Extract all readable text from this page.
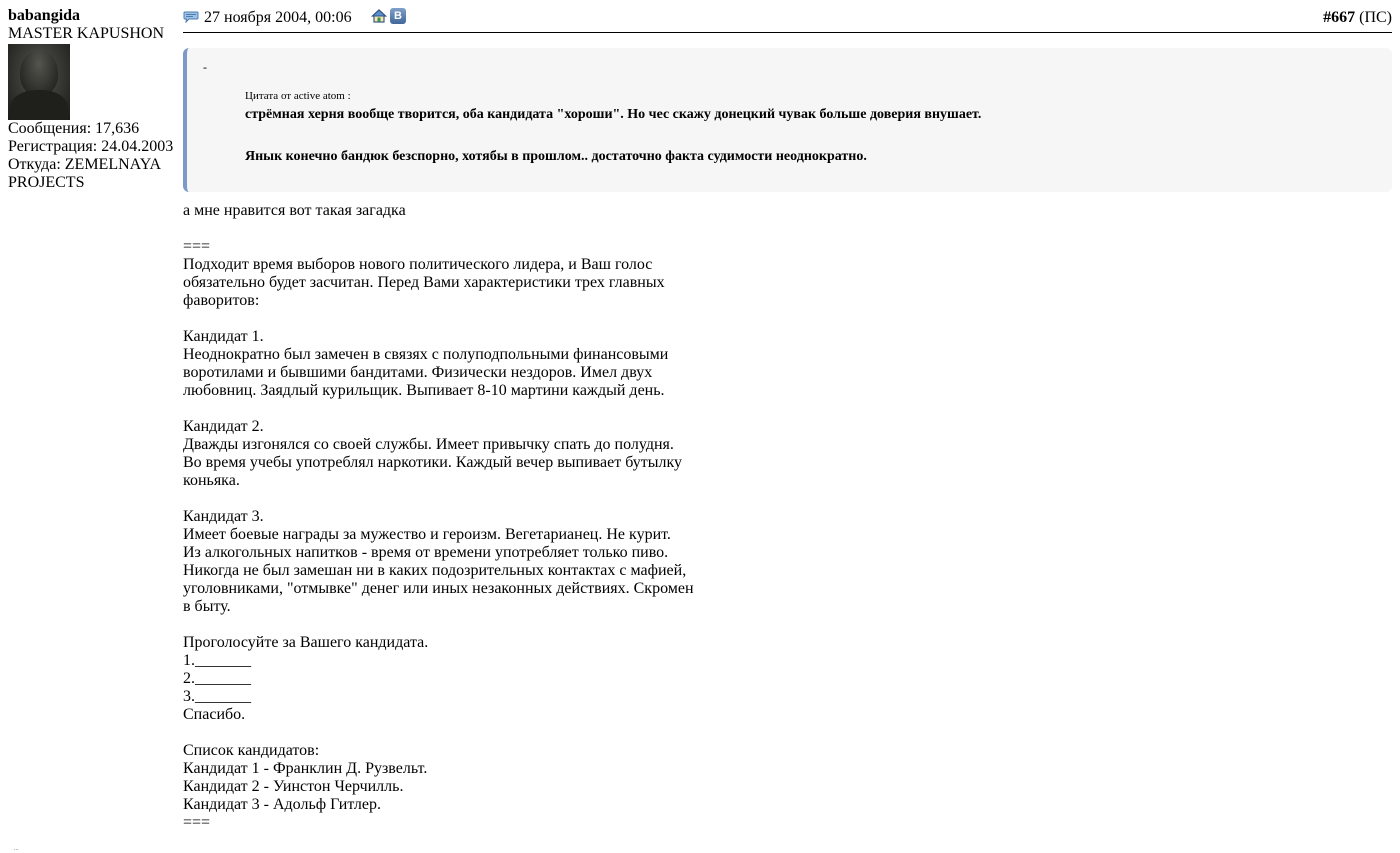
babangida
MASTER KAPUSHON
Сообщения: 17,636
Регистрация: 24.04.2003
Откуда: ZEMELNAYA
PROJECTS
27 ноября 2004, 00:06	B	#667 (ПС)
-
Цитата от active atom :
стрёмная херня вообще творится, оба кандидата "хороши". Но чес скажу донецкий чувак больше доверия внушает.
Янык конечно бандюк безспорно, хотябы в прошлом.. достаточно факта судимости неоднократно.
а мне нравится вот такая загадка
===
Подходит время выборов нового политического лидера, и Ваш голос
обязательно будет засчитан. Перед Вами характеристики трех главных
фаворитов:
Кандидат 1.
Неоднократно был замечен в связях с полуподпольными финансовыми
воротилами и бывшими бандитами. Физически нездоров. Имел двух
любовниц. Заядлый курильщик. Выпивает 8-10 мартини каждый день.
Кандидат 2.
Дважды изгонялся со своей службы. Имеет привычку спать до полудня.
Во время учебы употреблял наркотики. Каждый вечер выпивает бутылку
коньяка.
Кандидат 3.
Имеет боевые награды за мужество и героизм. Вегетарианец. Не курит.
Из алкогольных напитков - время от времени употребляет только пиво.
Никогда не был замешан ни в каких подозрительных контактах с мафией,
уголовниками, "отмывке" денег или иных незаконных действиях. Скромен
в быту.
Проголосуйте за Вашего кандидата.
1._______
2._______
3._______
Спасибо.
Список кандидатов:
Кандидат 1 - Франклин Д. Рузвельт.
Кандидат 2 - Уинстон Черчилль.
Кандидат 3 - Адольф Гитлер.
===
...
